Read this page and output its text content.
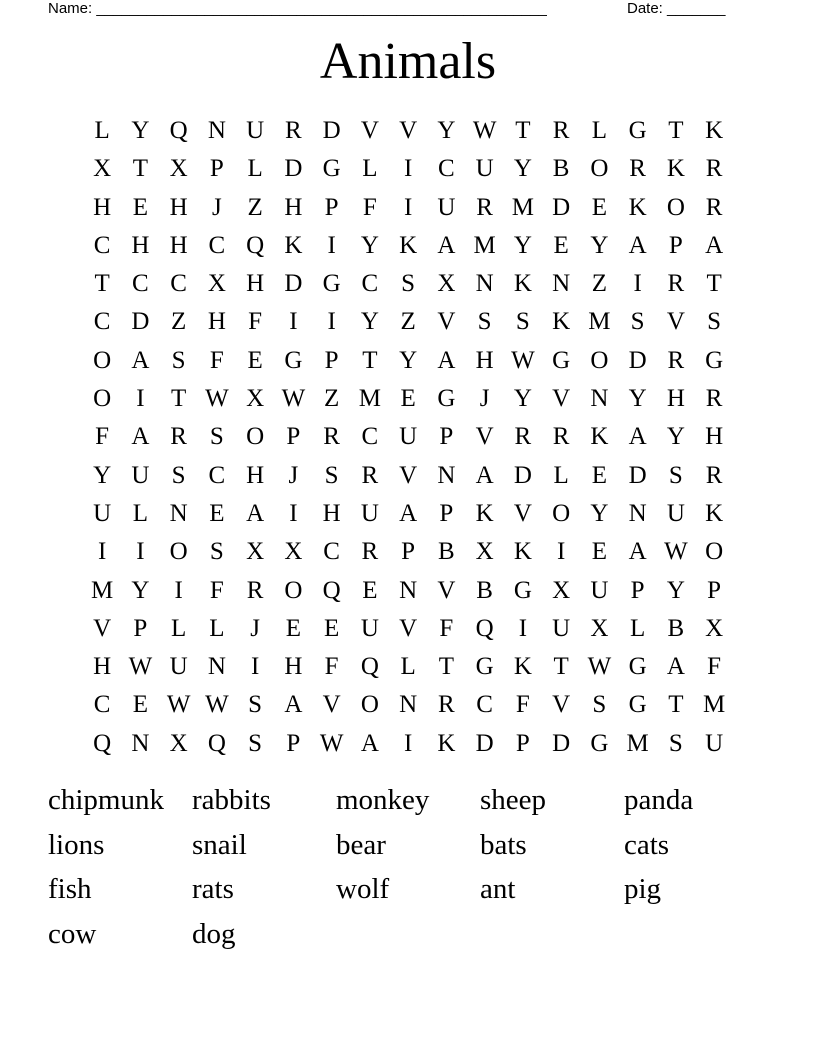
Name: ______________________________________________________	Date: _______
Animals
L Y Q N U R D V V Y W T R L G T K
X T X P L D G L	I	C U Y B O R K R
H E H J	Z H P F	I	U R M D E K O R
C H H C Q K	I	Y K A M Y E Y A P A
T C C X H D G C S X N K N Z	I	R T
C D Z H F	I	I	Y Z V S S K M S V S
O A S F E G P T Y A H W G O D R G
O	I	T W X W Z M E G J Y V N Y H R
F A R S O P R C U P V R R K A Y H
Y U S C H J	S R V N A D L E D S R
U L N E A	I	H U A P K V O Y N U K
I	I	O S X X C R P B X K	I	E A W O
M Y	I	F R O Q E N V B G X U P Y P
V P L L	J	E E U V F Q	I	U X L B X
H W U N	I	H F Q L T G K T W G A F
C E W W S A V O N R C F V S G T M
Q N X Q S P W A	I	K D P D G M S U
chipmunk rabbits	monkey	sheep	panda
lions	snail	bear	bats	cats
fish	rats	wolf	ant	pig
cow	dog
